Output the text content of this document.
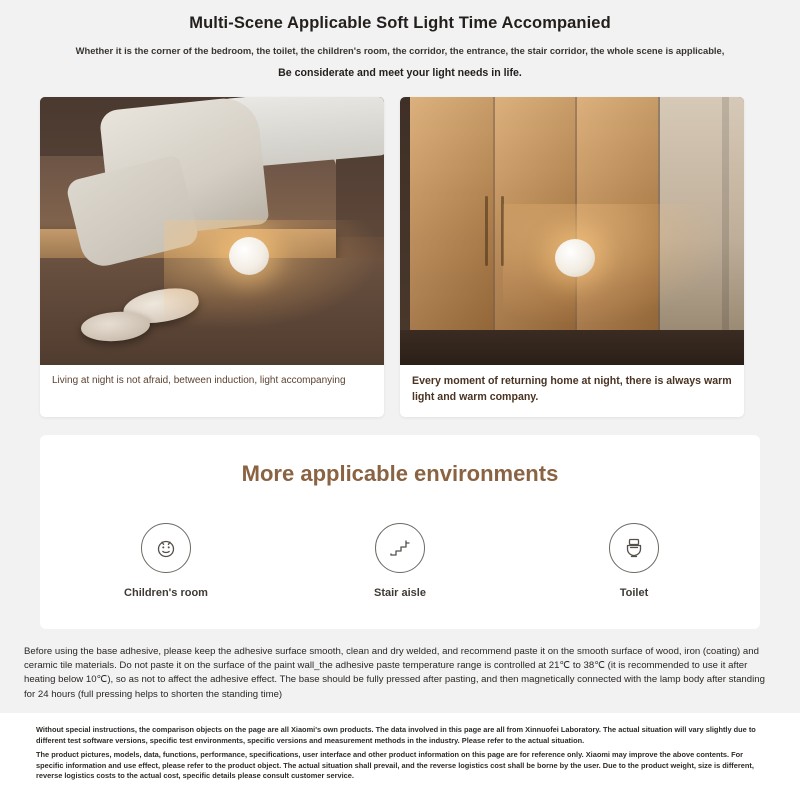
Multi-Scene Applicable Soft Light Time Accompanied

Whether it is the corner of the bedroom, the toilet, the children's room, the corridor, the entrance, the stair corridor, the whole scene is applicable,

Be considerate and meet your light needs in life.

Living at night is not afraid, between induction, light accompanying	Every moment of returning home at night, there is always warm light and warm company.
More applicable environments
Children's room	Stair aisle	Toilet

Before using the base adhesive, please keep the adhesive surface smooth, clean and dry welded, and recommend paste it on the smooth surface of wood, iron (coating) and ceramic tile materials. Do not paste it on the surface of the paint wall_the adhesive paste temperature range is controlled at 21℃ to 38℃ (it is recommended to use it after heating below 10℃), so as not to affect the adhesive effect. The base should be fully pressed after pasting, and then magnetically connected with the lamp body after standing for 24 hours (full pressing helps to shorten the standing time)

Without special instructions, the comparison objects on the page are all Xiaomi's own products. The data involved in this page are all from Xinnuofei Laboratory. The actual situation will vary slightly due to different test software versions, specific test environments, specific versions and measurement methods in the industry. Please refer to the actual situation.

The product pictures, models, data, functions, performance, specifications, user interface and other product information on this page are for reference only. Xiaomi may improve the above contents. For specific information and use effect, please refer to the product object. The actual situation shall prevail, and the reverse logistics cost shall be borne by the user. Due to the product weight, size is different, reverse logistics costs to the actual cost, specific details please consult customer service.
